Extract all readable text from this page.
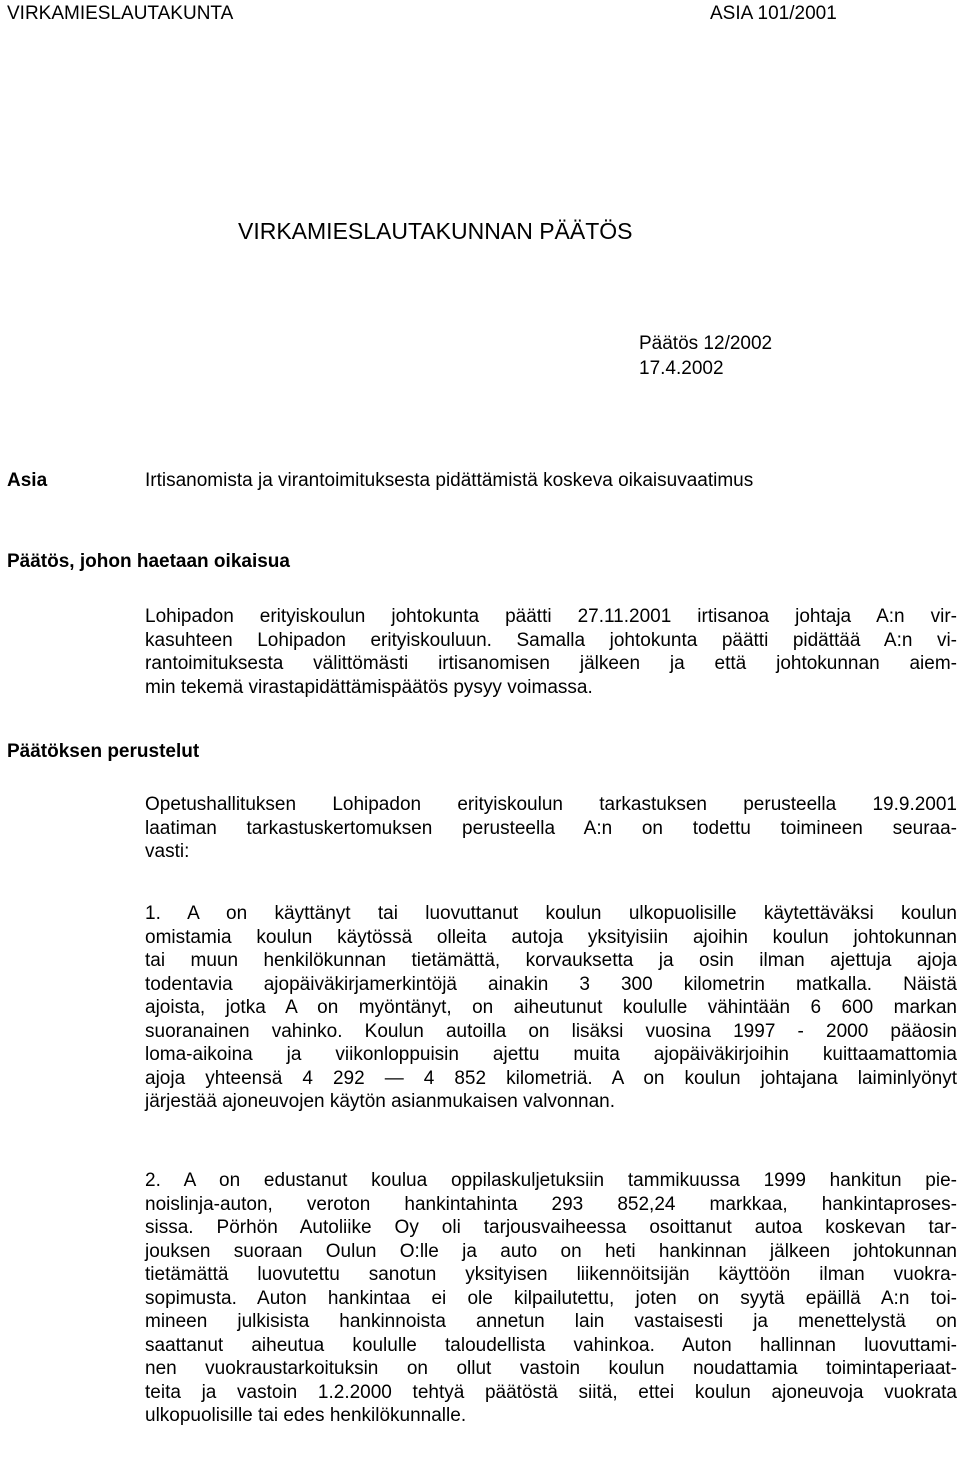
VIRKAMIESLAUTAKUNTA	ASIA 101/2001
VIRKAMIESLAUTAKUNNAN PÄÄTÖS
Päätös 12/2002
17.4.2002
Asia	Irtisanomista ja virantoimituksesta pidättämistä koskeva oikaisuvaatimus
Päätös, johon haetaan oikaisua
Lohipadon erityiskoulun johtokunta päätti 27.11.2001 irtisanoa johtaja A:n vir-
kasuhteen Lohipadon erityiskouluun. Samalla johtokunta päätti pidättää A:n vi-
rantoimituksesta välittömästi irtisanomisen jälkeen ja että johtokunnan aiem-
min tekemä virastapidättämispäätös pysyy voimassa.
Päätöksen perustelut
Opetushallituksen Lohipadon erityiskoulun tarkastuksen perusteella 19.9.2001
laatiman tarkastuskertomuksen perusteella A:n on todettu toimineen seuraa-
vasti:
1. A on käyttänyt tai luovuttanut koulun ulkopuolisille käytettäväksi koulun
omistamia koulun käytössä olleita autoja yksityisiin ajoihin koulun johtokunnan
tai muun henkilökunnan tietämättä, korvauksetta ja osin ilman ajettuja ajoja
todentavia ajopäiväkirjamerkintöjä ainakin 3 300 kilometrin matkalla. Näistä
ajoista, jotka A on myöntänyt, on aiheutunut koululle vähintään 6 600 markan
suoranainen vahinko. Koulun autoilla on lisäksi vuosina 1997 - 2000 pääosin
loma-aikoina ja viikonloppuisin ajettu muita ajopäiväkirjoihin kuittaamattomia
ajoja yhteensä 4 292 — 4 852 kilometriä. A on koulun johtajana laiminlyönyt
järjestää ajoneuvojen käytön asianmukaisen valvonnan.
2. A on edustanut koulua oppilaskuljetuksiin tammikuussa 1999 hankitun pie-
noislinja-auton, veroton hankintahinta 293 852,24 markkaa, hankintaproses-
sissa. Pörhön Autoliike Oy oli tarjousvaiheessa osoittanut autoa koskevan tar-
jouksen suoraan Oulun O:lle ja auto on heti hankinnan jälkeen johtokunnan
tietämättä luovutettu sanotun yksityisen liikennöitsijän käyttöön ilman vuokra-
sopimusta. Auton hankintaa ei ole kilpailutettu, joten on syytä epäillä A:n toi-
mineen julkisista hankinnoista annetun lain vastaisesti ja menettelystä on
saattanut aiheutua koululle taloudellista vahinkoa. Auton hallinnan luovuttami-
nen vuokraustarkoituksin on ollut vastoin koulun noudattamia toimintaperiaat-
teita ja vastoin 1.2.2000 tehtyä päätöstä siitä, ettei koulun ajoneuvoja vuokrata
ulkopuolisille tai edes henkilökunnalle.
